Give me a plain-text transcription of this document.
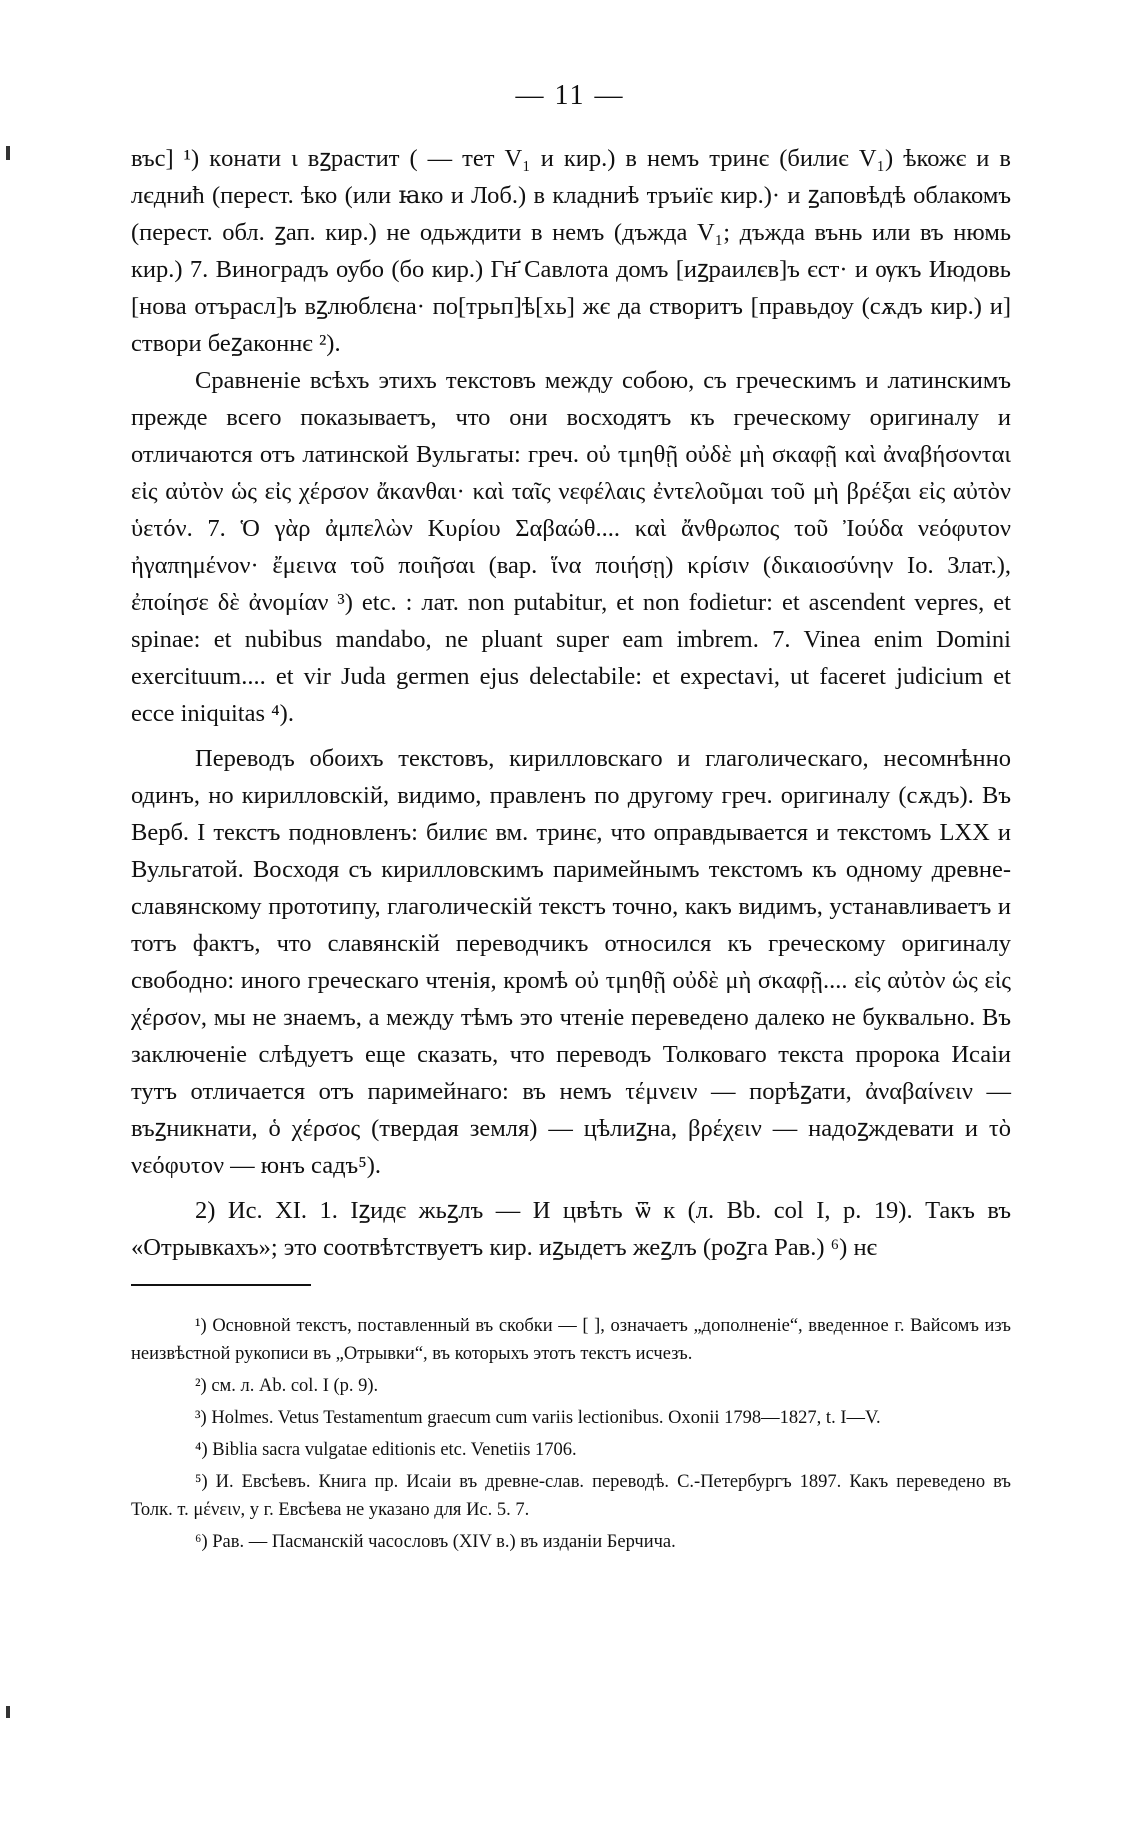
— 11 —

въс] ¹) кoнaти ι вꙁрастит ( — тет V₁ и кир.) в немъ тринє (билиє V₁) ѣкожє и в лєднић (перест. ѣко (или ꙗко и Лоб.) в кладниѣ тръиїє кир.)· и ꙁаповѣдѣ облакомъ (перест. обл. ꙁап. кир.) не одьждити в немъ (дъжда V₁; дъжда вънь или въ нюмь кир.) 7. Виноградъ оубо (бо кир.) Гн҃ Савлота домъ [иꙁраилєв]ъ єст· и ѹкъ Июдовь [нова отърасл]ъ вꙁлюблєна· по[трьп]ѣ[хь] жє да створитъ [правьдоу (сѫдъ кир.) и] створи беꙁаконнє ²).

Сравненіе всѣхъ этихъ текстовъ между собою, съ греческимъ и латинскимъ прежде всего показываетъ, что они восходятъ къ греческому оригиналу и отличаются отъ латинской Вульгаты: греч. οὐ τμηθῇ οὐδὲ μὴ σκαφῇ καὶ ἀναβήσονται εἰς αὐτὸν ὡς εἰς χέρσον ἄκανθαι· καὶ ταῖς νεφέλαις ἐντελοῦμαι τοῦ μὴ βρέξαι εἰς αὐτὸν ὑετόν. 7. Ὁ γὰρ ἀμπελὼν Κυρίου Σαβαώθ.... καὶ ἄνθρωπος τοῦ Ἰούδα νεόφυτον ἠγαπημένον· ἔμεινα τοῦ ποιῆσαι (вар. ἵνα ποιήσῃ) κρίσιν (δικαιοσύνην Іо. Злат.), ἐποίησε δὲ ἀνομίαν ³) etc. : лат. non putabitur, et non fodietur: et ascendent vepres, et spinae: et nubibus mandabo, ne pluant super eam imbrem. 7. Vinea enim Domini exercituum.... et vir Juda germen ejus delectabile: et expectavi, ut faceret judicium et ecce iniquitas ⁴).

Переводъ обоихъ текстовъ, кирилловскаго и глаголическаго, несомнѣнно одинъ, но кирилловскій, видимо, правленъ по другому греч. оригиналу (сѫдъ). Въ Верб. I текстъ подновленъ: билиє вм. тринє, что оправдывается и текстомъ LXX и Вульгатой. Восходя съ кирилловскимъ паримейнымъ текстомъ къ одному древне-славянскому прототипу, глаголическій текстъ точно, какъ видимъ, устанавливаетъ и тотъ фактъ, что славянскій переводчикъ относился къ греческому оригиналу свободно: иного греческаго чтенія, кромѣ οὐ τμηθῇ οὐδὲ μὴ σκαφῇ.... εἰς αὐτὸν ὡς εἰς χέρσον, мы не знаемъ, а между тѣмъ это чтеніе переведено далеко не буквально. Въ заключеніе слѣдуетъ еще сказать, что переводъ Толковаго текста пророка Исаіи тутъ отличается отъ паримейнаго: въ немъ τέμνειν — порѣꙁати, ἀναβαίνειν — въꙁникнати, ὁ χέρσος (твердая земля) — цѣлиꙁна, βρέχειν — надоꙁждевати и τὸ νεόφυτον — юнъ садъ⁵).

2) Ис. XI. 1. Іꙁидє жьꙁлъ — И цвѣть ѿ к (л. Bb. col I, p. 19). Такъ въ «Отрывкахъ»; это соотвѣтствуетъ кир. иꙁыдетъ жеꙁлъ (роꙁга Рав.) ⁶) нє

¹) Основной текстъ, поставленный въ скобки — [ ], означаетъ „дополненіе“, введенное г. Вайсомъ изъ неизвѣстной рукописи въ „Отрывки“, въ которыхъ этотъ текстъ исчезъ.

²) см. л. Ab. col. I (p. 9).

³) Holmes. Vetus Testamentum graecum cum variis lectionibus. Oxonii 1798—1827, t. I—V.

⁴) Biblia sacra vulgatae editionis etc. Venetiis 1706.

⁵) И. Евсѣевъ. Книга пр. Исаіи въ древне-слав. переводѣ. С.-Петербургъ 1897. Какъ переведено въ Толк. т. μένειν, у г. Евсѣева не указано для Ис. 5. 7.

⁶) Рав. — Пасманскій часословъ (XIV в.) въ изданіи Берчича.
